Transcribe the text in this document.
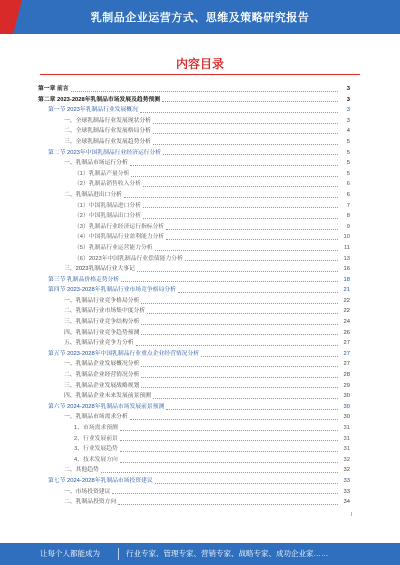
乳制品企业运营方式、思维及策略研究报告
内容目录
第一章 前言	3
第二章 2023-2028年乳制品市场发展及趋势预测	3
第一节 2023年乳制品行业发展概况	3
一、全球乳制品行业发展现状分析	3
二、全球乳制品行业发展格局分析	4
三、全球乳制品行业发展趋势分析	5
第二节 2023年中国乳制品行业经济运行分析	5
一、乳制品市场运行分析	5
（1）乳制品产量分析	5
（2）乳制品销售收入分析	6
二、乳制品进出口分析	6
（1）中国乳制品进口分析	7
（2）中国乳制品出口分析	8
（3）乳制品行业经济运行指标分析	9
（4）中国乳制品行业盈利能力分析	10
（5）乳制品行业运营能力分析	11
（6）2023年中国乳制品行业偿债能力分析	13
三、2023乳制品行业大事记	16
第三节 乳制品价格走势分析	18
第四节 2023-2028年乳制品行业市场竞争格局分析	21
一、乳制品行业竞争格局分析	22
二、乳制品行业市场集中度分析	22
三、乳制品行业竞争结构分析	24
四、乳制品行业竞争趋势预测	26
五、乳制品行业竞争力分析	27
第五节 2023-2028年中国乳制品行业重点企业经营情况分析	27
一、乳制品企业发展概况分析	27
二、乳制品企业经营情况分析	28
三、乳制品企业发展战略规划	29
四、乳制品企业未来发展前景预测	30
第六节 2024-2028年乳制品市场发展前景预测	30
一、乳制品市场需求分析	30
1、市场需求预测	31
2、行业发展前景	31
3、行业发展趋势	31
4、技术发展方向	32
二、其他趋势	32
第七节 2024-2028年乳制品市场投资建议	33
一、市场投资建议	33
二、乳制品投资方向	34
I
让每个人都能成为	行业专家、管理专家、营销专家、战略专家、成功企业家……
